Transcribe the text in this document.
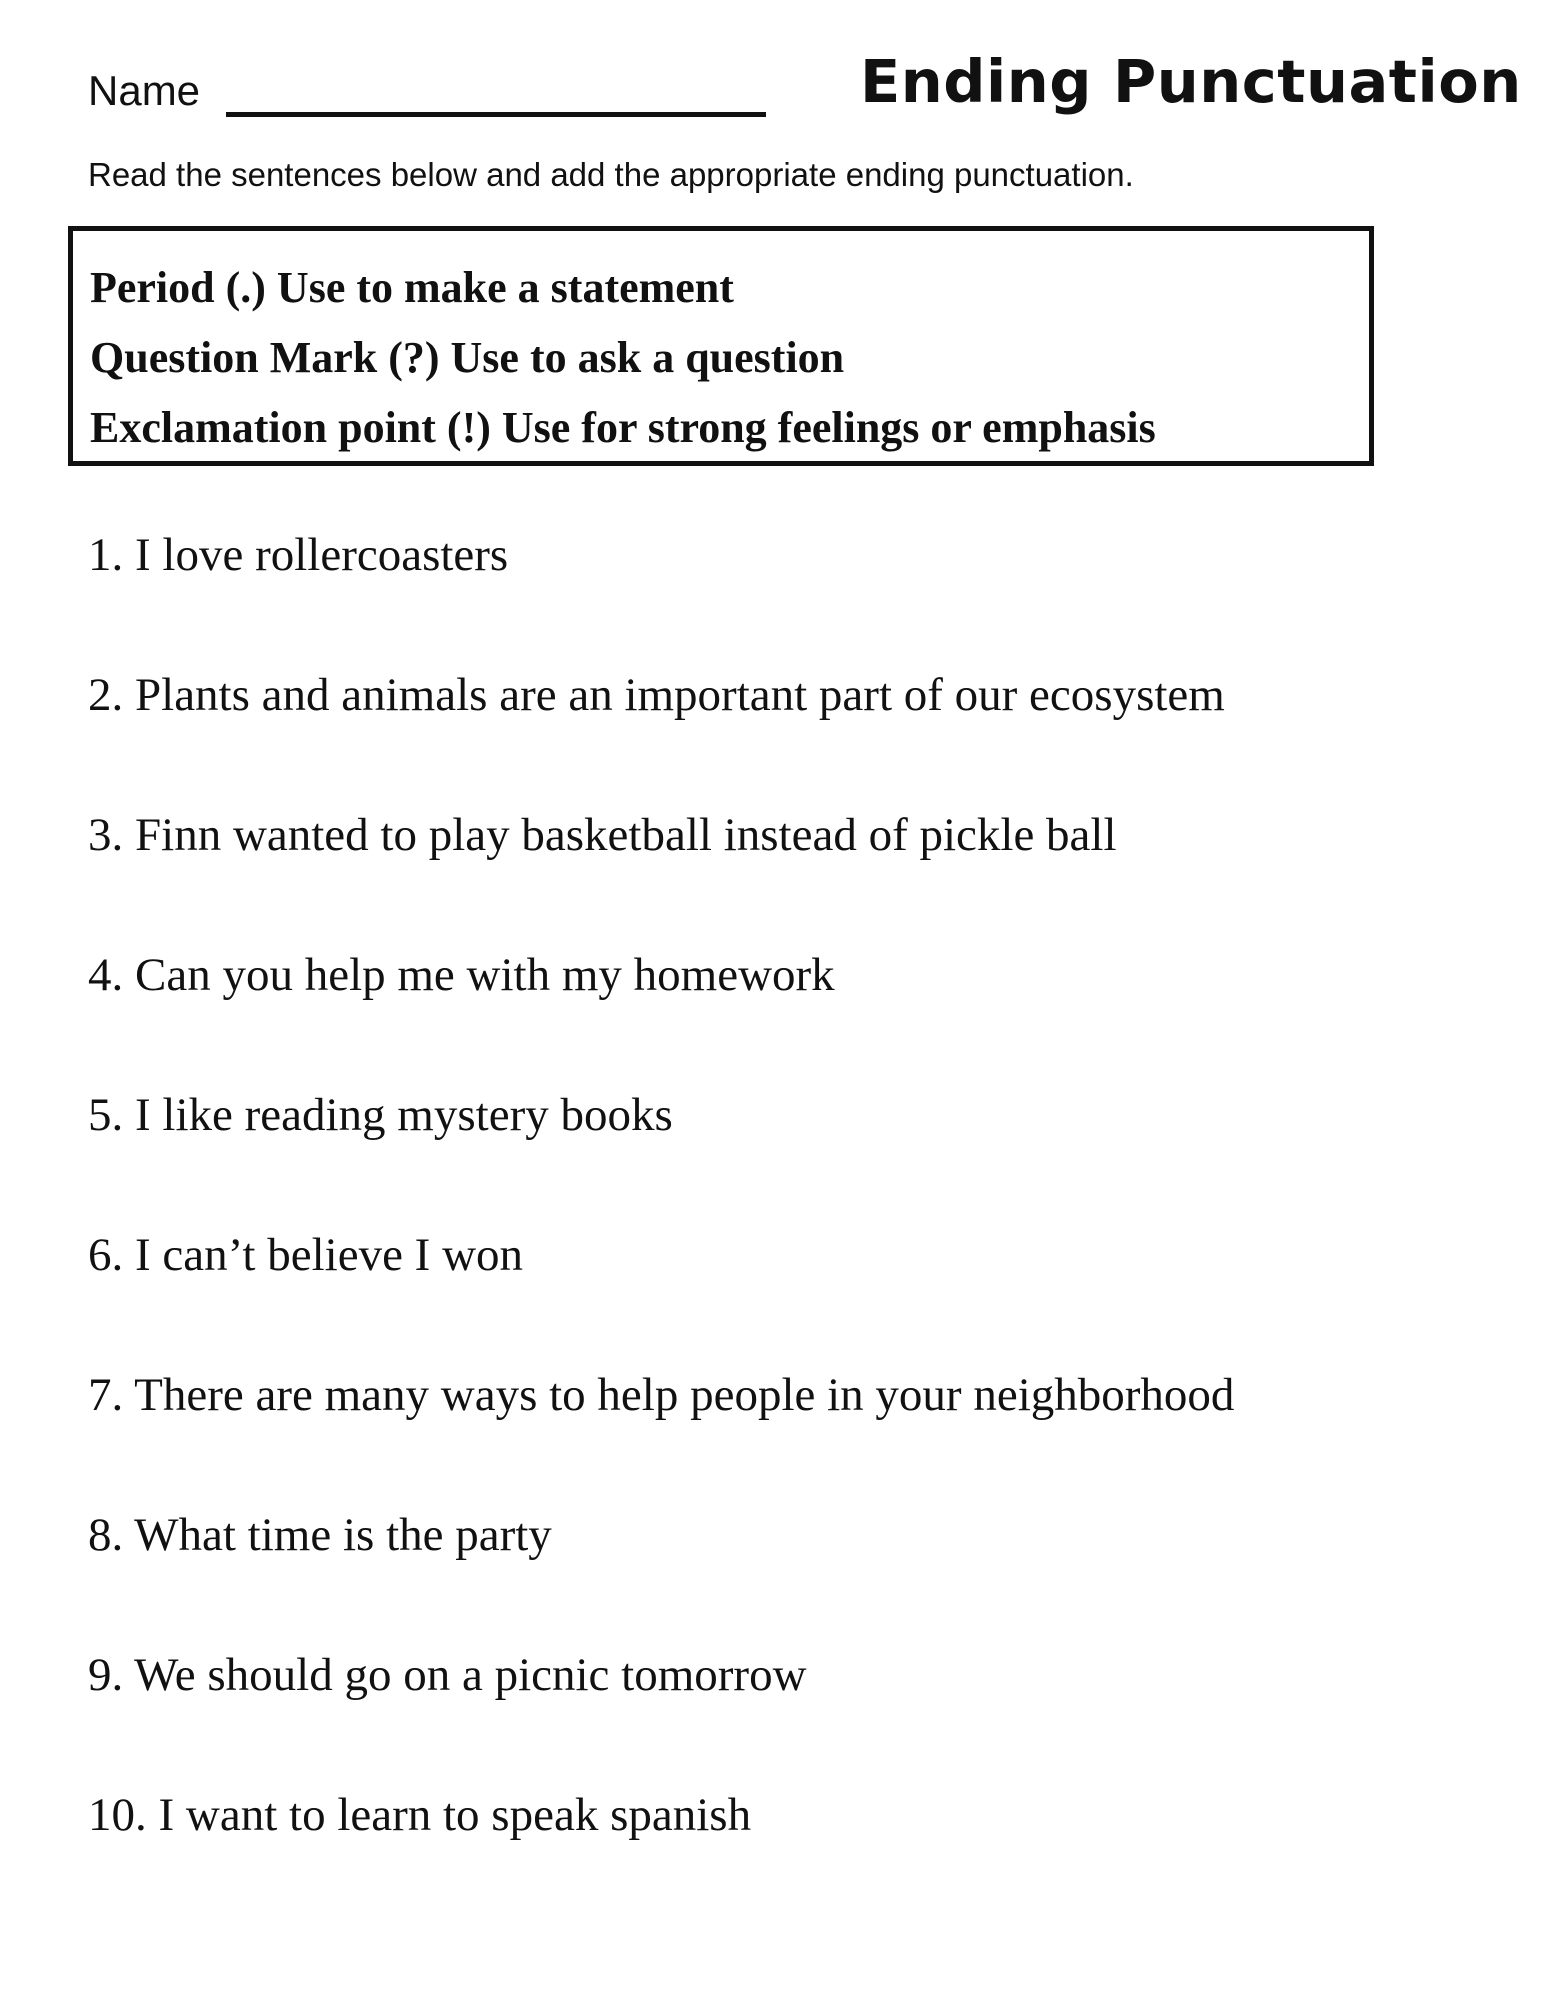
Name	Ending Punctuation
Read the sentences below and add the appropriate ending punctuation.
Period (.) Use to make a statement
Question Mark (?) Use to ask a question
Exclamation point (!) Use for strong feelings or emphasis
1. I love rollercoasters
2. Plants and animals are an important part of our ecosystem
3. Finn wanted to play basketball instead of pickle ball
4. Can you help me with my homework
5. I like reading mystery books
6. I can’t believe I won
7. There are many ways to help people in your neighborhood
8. What time is the party
9. We should go on a picnic tomorrow
10. I want to learn to speak spanish
